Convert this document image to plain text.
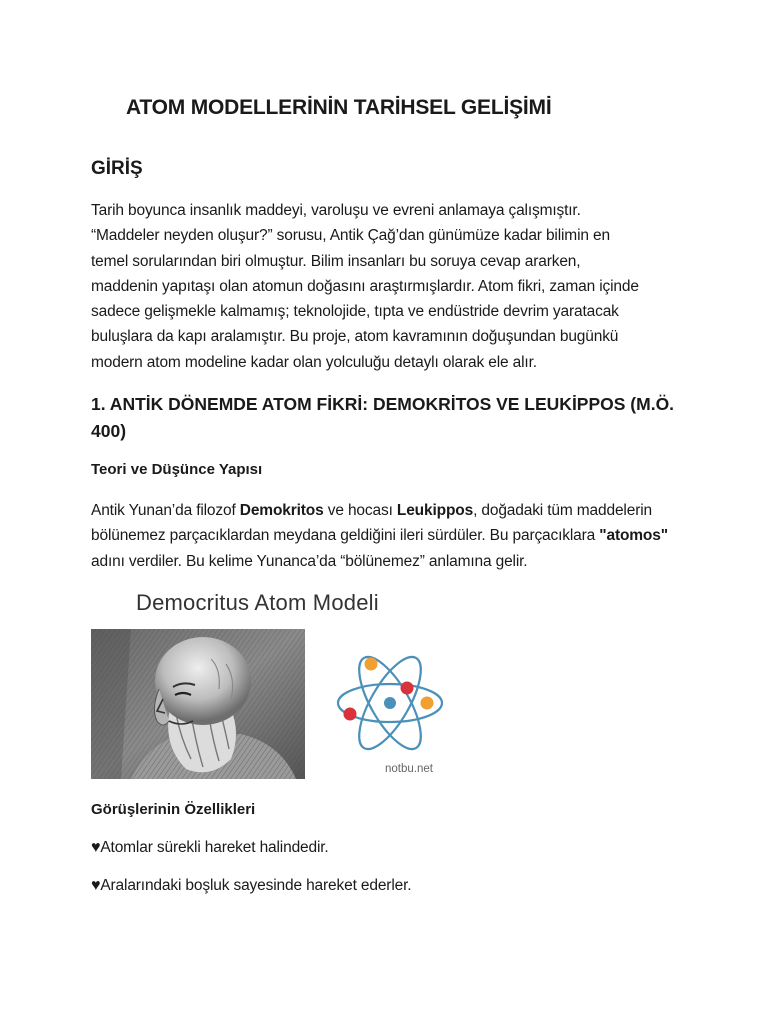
ATOM MODELLERİNİN TARİHSEL GELİŞİMİ
GİRİŞ
Tarih boyunca insanlık maddeyi, varoluşu ve evreni anlamaya çalışmıştır.
“Maddeler neyden oluşur?” sorusu, Antik Çağ’dan günümüze kadar bilimin en
temel sorularından biri olmuştur. Bilim insanları bu soruya cevap ararken,
maddenin yapıtaşı olan atomun doğasını araştırmışlardır. Atom fikri, zaman içinde
sadece gelişmekle kalmamış; teknolojide, tıpta ve endüstride devrim yaratacak
buluşlara da kapı aralamıştır. Bu proje, atom kavramının doğuşundan bugünkü
modern atom modeline kadar olan yolculuğu detaylı olarak ele alır.
1. ANTİK DÖNEMDE ATOM FİKRİ: DEMOKRİTOS VE LEUKİPPOS (M.Ö. 400)
Teori ve Düşünce Yapısı

Antik Yunan’da filozof Demokritos ve hocası Leukippos, doğadaki tüm maddelerin bölünemez parçacıklardan meydana geldiğini ileri sürdüler. Bu parçacıklara "atomos" adını verdiler. Bu kelime Yunanca’da “bölünemez” anlamına gelir.

Democritus Atom Modeli
notbu.net
Görüşlerinin Özellikleri

♥Atomlar sürekli hareket halindedir.

♥Aralarındaki boşluk sayesinde hareket ederler.
